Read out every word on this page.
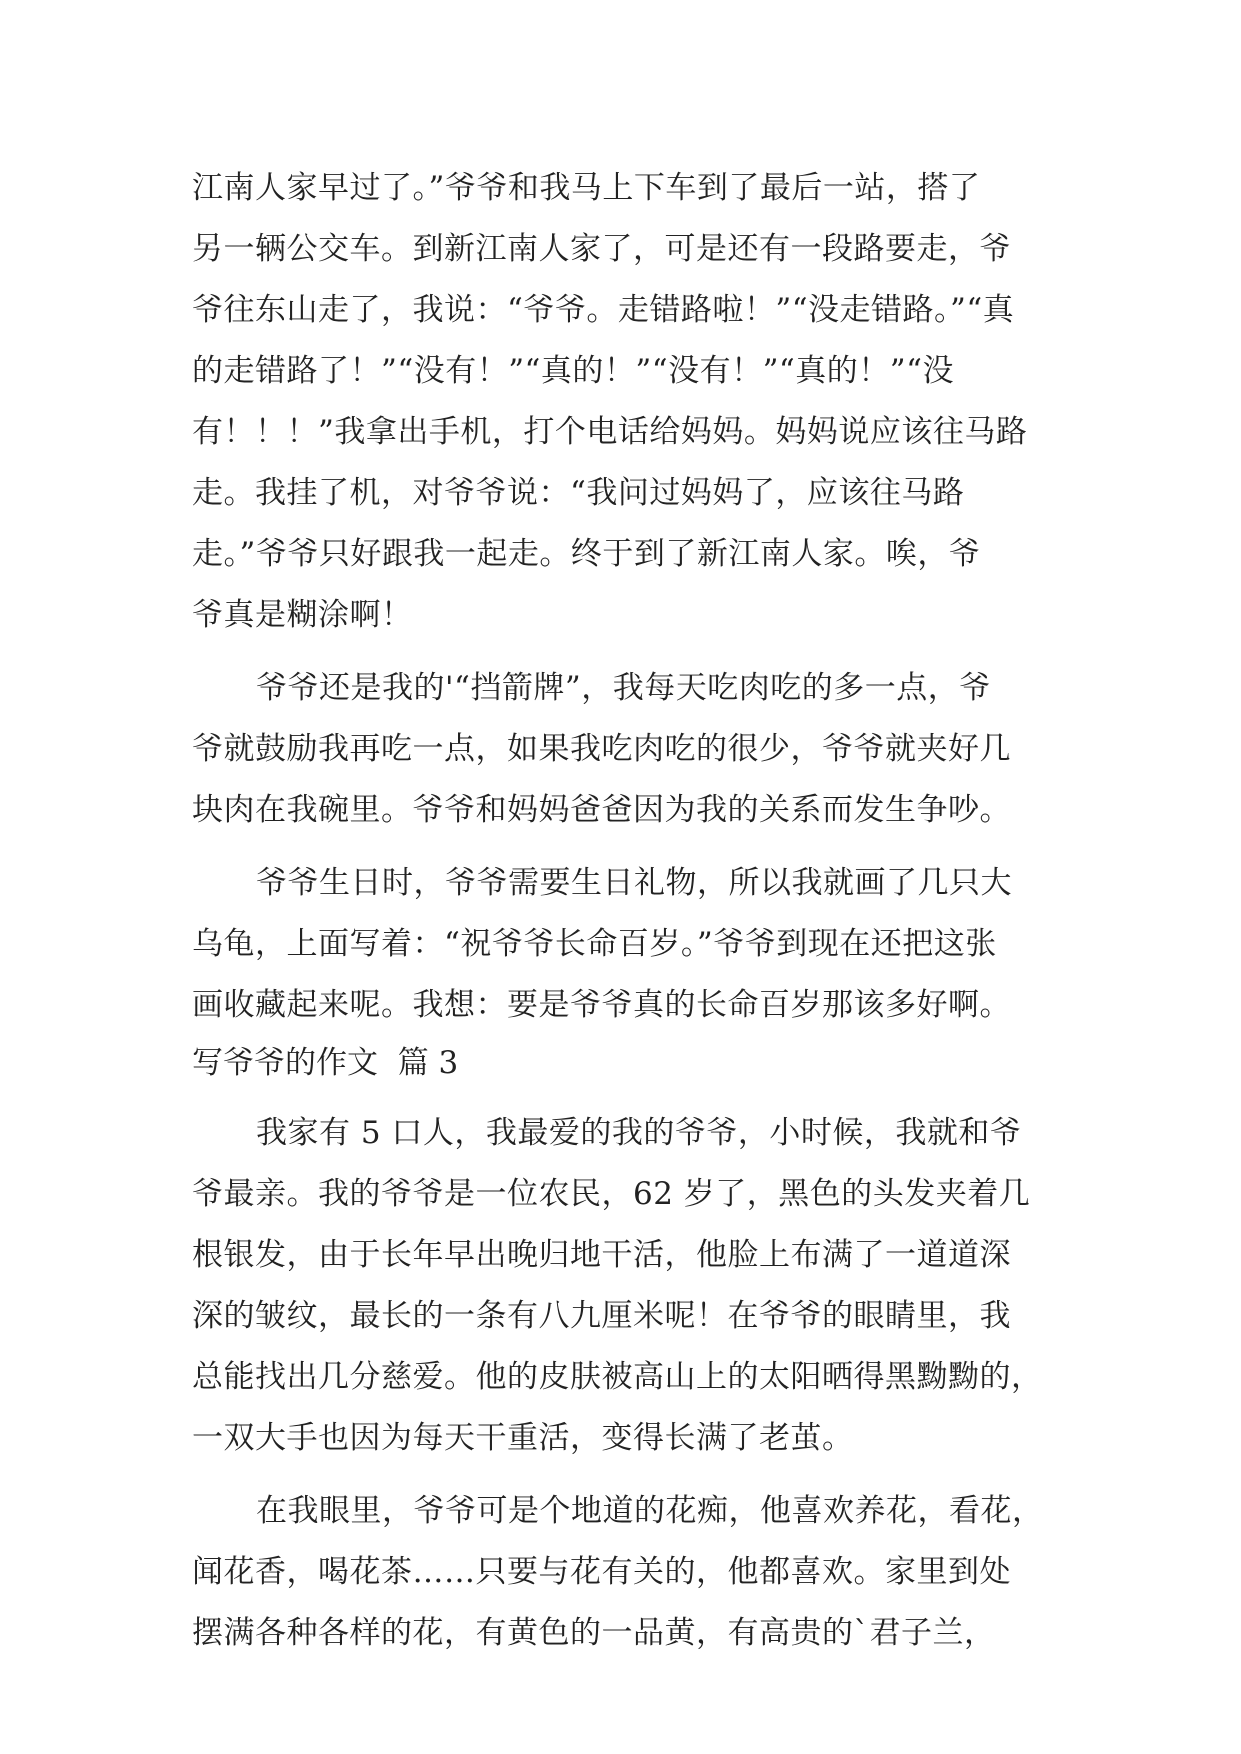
江南人家早过了。”爷爷和我马上下车到了最后一站，搭了
另一辆公交车。到新江南人家了，可是还有一段路要走，爷
爷往东山走了，我说：“爷爷。走错路啦！”“没走错路。”“真
的走错路了！”“没有！”“真的！”“没有！”“真的！”“没
有！！！”我拿出手机，打个电话给妈妈。妈妈说应该往马路
走。我挂了机，对爷爷说：“我问过妈妈了，应该往马路
走。”爷爷只好跟我一起走。终于到了新江南人家。唉，爷
爷真是糊涂啊！
爷爷还是我的'“挡箭牌”，我每天吃肉吃的多一点，爷
爷就鼓励我再吃一点，如果我吃肉吃的很少，爷爷就夹好几
块肉在我碗里。爷爷和妈妈爸爸因为我的关系而发生争吵。
爷爷生日时，爷爷需要生日礼物，所以我就画了几只大
乌龟，上面写着：“祝爷爷长命百岁。”爷爷到现在还把这张
画收藏起来呢。我想：要是爷爷真的长命百岁那该多好啊。
写爷爷的作文  篇 3
我家有 5 口人，我最爱的我的爷爷，小时候，我就和爷
爷最亲。我的爷爷是一位农民，62 岁了，黑色的头发夹着几
根银发，由于长年早出晚归地干活，他脸上布满了一道道深
深的皱纹，最长的一条有八九厘米呢！在爷爷的眼睛里，我
总能找出几分慈爱。他的皮肤被高山上的太阳晒得黑黝黝的，
一双大手也因为每天干重活，变得长满了老茧。
在我眼里，爷爷可是个地道的花痴，他喜欢养花，看花，
闻花香，喝花茶……只要与花有关的，他都喜欢。家里到处
摆满各种各样的花，有黄色的一品黄，有高贵的`君子兰，
